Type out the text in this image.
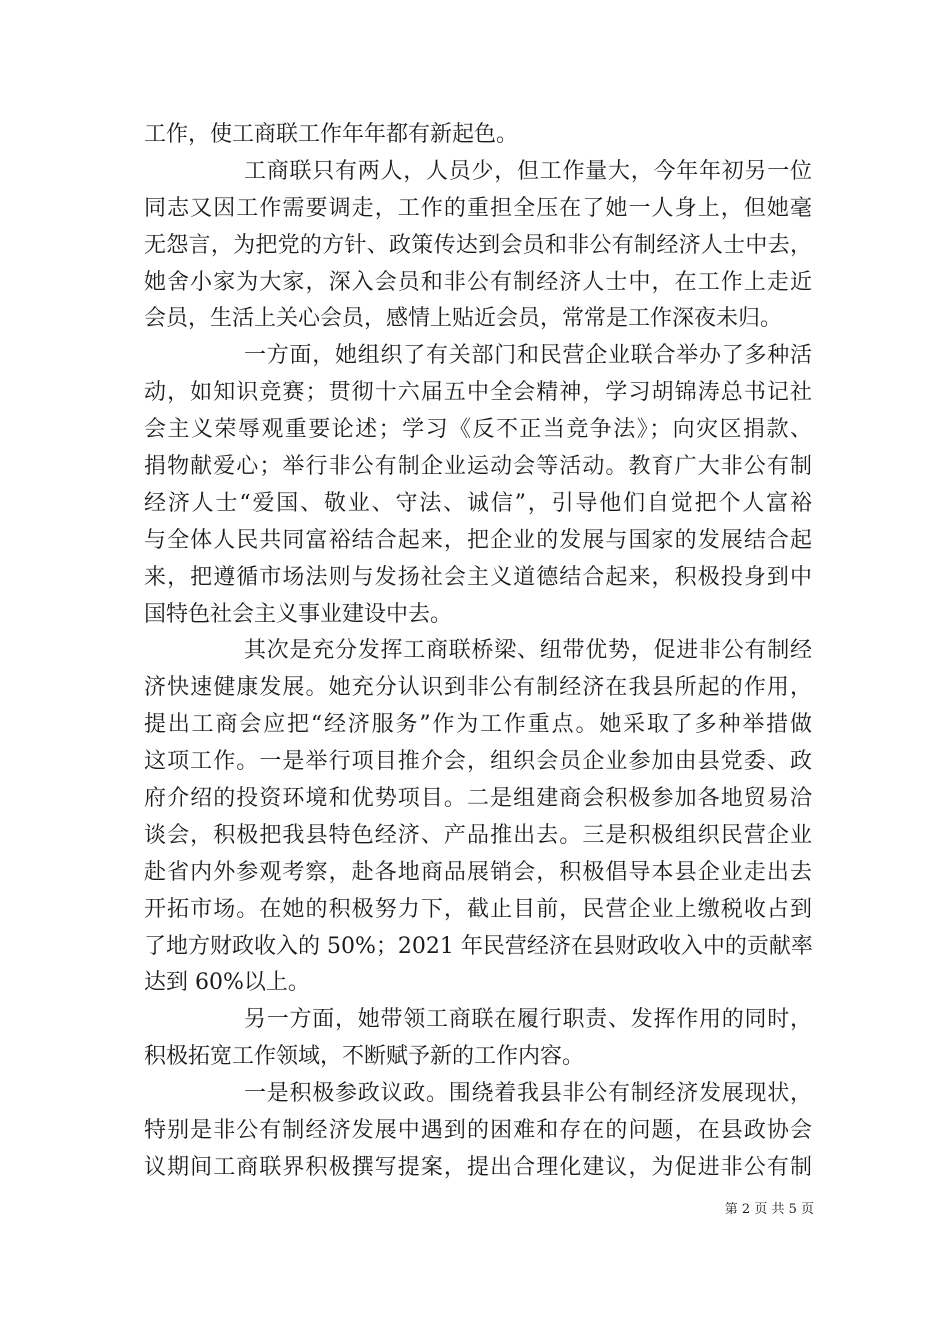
工作，使工商联工作年年都有新起色。
工商联只有两人，人员少，但工作量大，今年年初另一位
同志又因工作需要调走，工作的重担全压在了她一人身上，但她毫
无怨言，为把党的方针、政策传达到会员和非公有制经济人士中去，
她舍小家为大家，深入会员和非公有制经济人士中，在工作上走近
会员，生活上关心会员，感情上贴近会员，常常是工作深夜未归。
一方面，她组织了有关部门和民营企业联合举办了多种活
动，如知识竞赛；贯彻十六届五中全会精神，学习胡锦涛总书记社
会主义荣辱观重要论述；学习《反不正当竞争法》；向灾区捐款、
捐物献爱心；举行非公有制企业运动会等活动。教育广大非公有制
经济人士“爱国、敬业、守法、诚信”，引导他们自觉把个人富裕
与全体人民共同富裕结合起来，把企业的发展与国家的发展结合起
来，把遵循市场法则与发扬社会主义道德结合起来，积极投身到中
国特色社会主义事业建设中去。
其次是充分发挥工商联桥梁、纽带优势，促进非公有制经
济快速健康发展。她充分认识到非公有制经济在我县所起的作用，
提出工商会应把“经济服务”作为工作重点。她采取了多种举措做
这项工作。一是举行项目推介会，组织会员企业参加由县党委、政
府介绍的投资环境和优势项目。二是组建商会积极参加各地贸易洽
谈会，积极把我县特色经济、产品推出去。三是积极组织民营企业
赴省内外参观考察，赴各地商品展销会，积极倡导本县企业走出去
开拓市场。在她的积极努力下，截止目前，民营企业上缴税收占到
了地方财政收入的 50%；2021 年民营经济在县财政收入中的贡献率
达到 60%以上。
另一方面，她带领工商联在履行职责、发挥作用的同时，
积极拓宽工作领域，不断赋予新的工作内容。
一是积极参政议政。围绕着我县非公有制经济发展现状，
特别是非公有制经济发展中遇到的困难和存在的问题，在县政协会
议期间工商联界积极撰写提案，提出合理化建议，为促进非公有制
第 2 页 共 5 页
